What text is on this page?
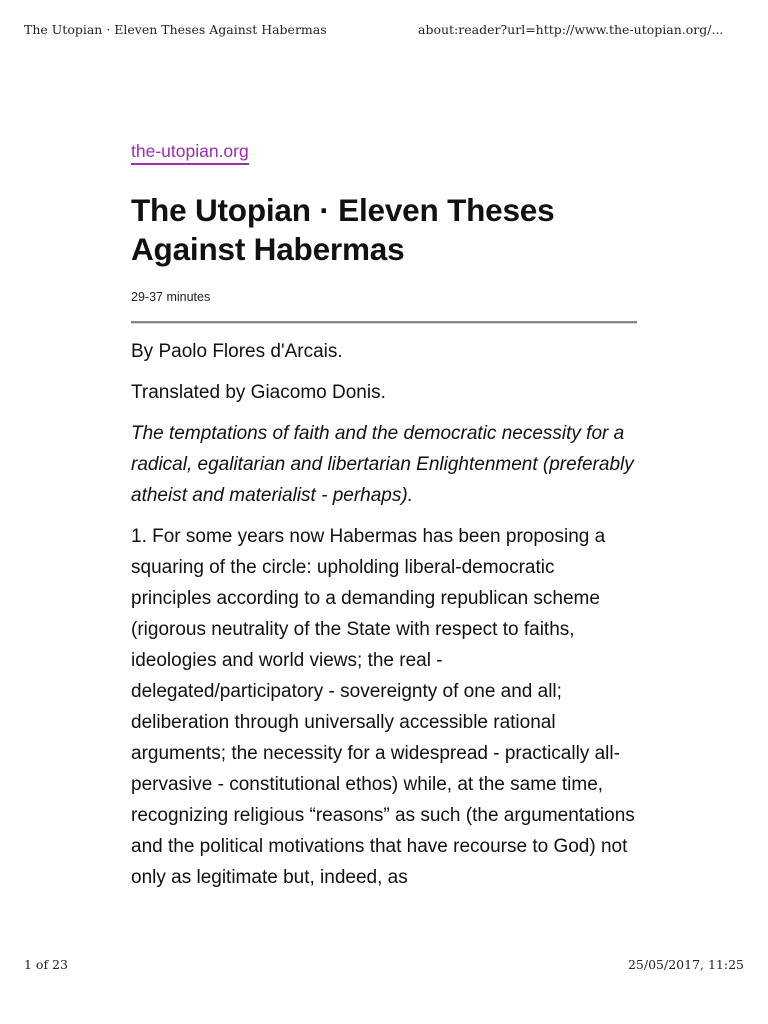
The Utopian · Eleven Theses Against Habermas	about:reader?url=http://www.the-utopian.org/...
the-utopian.org
The Utopian · Eleven Theses Against Habermas
29-37 minutes

By Paolo Flores d'Arcais.

Translated by Giacomo Donis.

The temptations of faith and the democratic necessity for a radical, egalitarian and libertarian Enlightenment (preferably atheist and materialist - perhaps).

1. For some years now Habermas has been proposing a squaring of the circle: upholding liberal-democratic principles according to a demanding republican scheme (rigorous neutrality of the State with respect to faiths, ideologies and world views; the real - delegated/participatory - sovereignty of one and all; deliberation through universally accessible rational arguments; the necessity for a widespread - practically all-pervasive - constitutional ethos) while, at the same time, recognizing religious “reasons” as such (the argumentations and the political motivations that have recourse to God) not only as legitimate but, indeed, as

1 of 23	25/05/2017, 11:25
